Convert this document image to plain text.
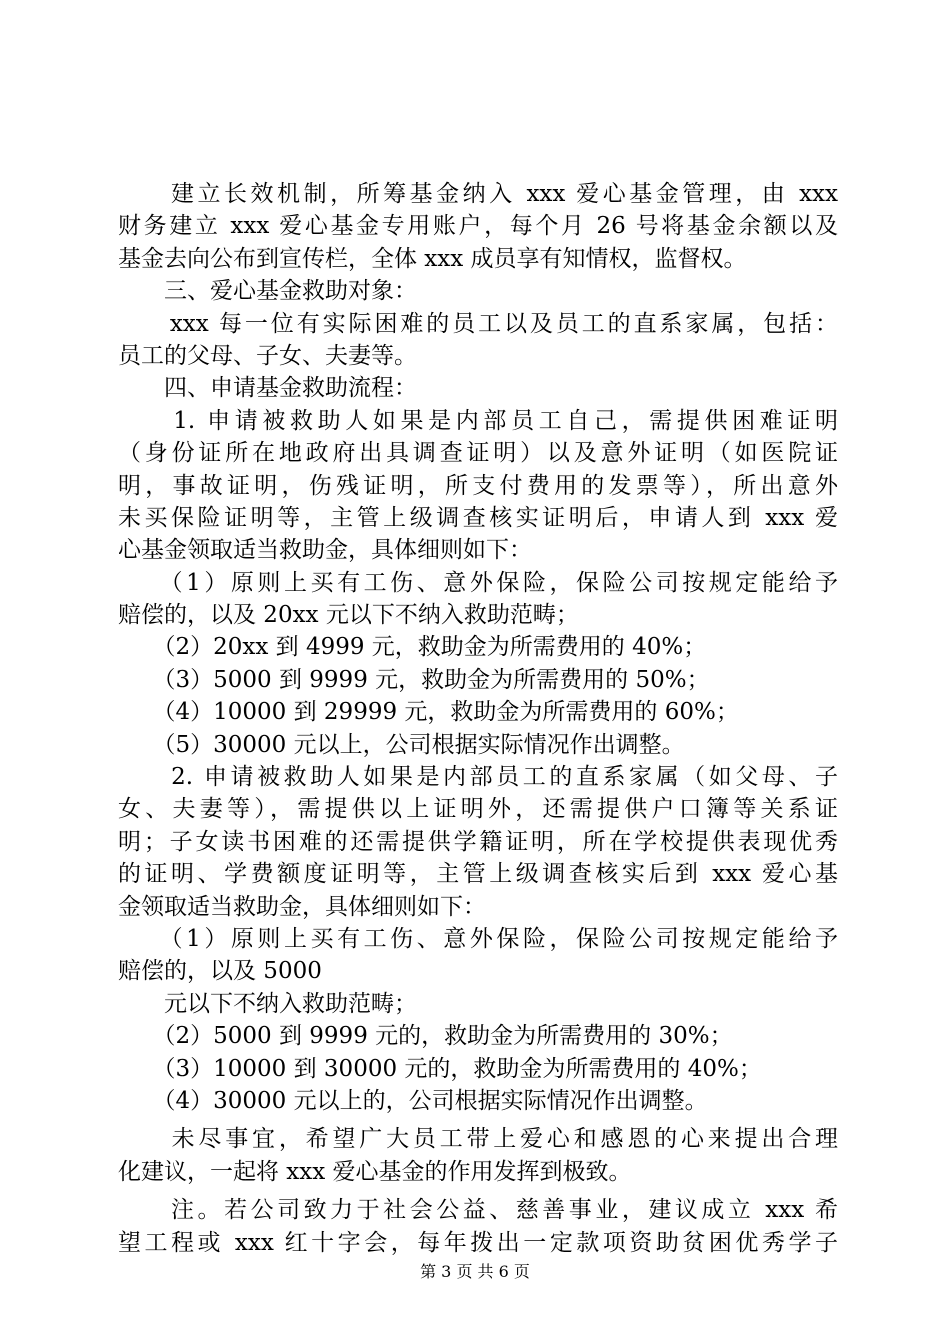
　　建立长效机制，所筹基金纳入 xxx 爱心基金管理，由 xxx
财务建立 xxx 爱心基金专用账户，每个月 26 号将基金余额以及
基金去向公布到宣传栏，全体 xxx 成员享有知情权，监督权。
　　三、爱心基金救助对象：
　　xxx 每一位有实际困难的员工以及员工的直系家属，包括：
员工的父母、子女、夫妻等。
　　四、申请基金救助流程：
　　1. 申请被救助人如果是内部员工自己，需提供困难证明
（身份证所在地政府出具调查证明）以及意外证明（如医院证
明，事故证明，伤残证明，所支付费用的发票等），所出意外
未买保险证明等，主管上级调查核实证明后，申请人到 xxx 爱
心基金领取适当救助金，具体细则如下：
　　（1）原则上买有工伤、意外保险，保险公司按规定能给予
赔偿的，以及 20xx 元以下不纳入救助范畴；
　　（2）20xx 到 4999 元，救助金为所需费用的 40%；
　　（3）5000 到 9999 元，救助金为所需费用的 50%；
　　（4）10000 到 29999 元，救助金为所需费用的 60%；
　　（5）30000 元以上，公司根据实际情况作出调整。
　　2. 申请被救助人如果是内部员工的直系家属（如父母、子
女、夫妻等），需提供以上证明外，还需提供户口簿等关系证
明；子女读书困难的还需提供学籍证明，所在学校提供表现优秀
的证明、学费额度证明等，主管上级调查核实后到 xxx 爱心基
金领取适当救助金，具体细则如下：
　　（1）原则上买有工伤、意外保险，保险公司按规定能给予
赔偿的，以及 5000
　　元以下不纳入救助范畴；
　　（2）5000 到 9999 元的，救助金为所需费用的 30%；
　　（3）10000 到 30000 元的，救助金为所需费用的 40%；
　　（4）30000 元以上的，公司根据实际情况作出调整。
　　未尽事宜，希望广大员工带上爱心和感恩的心来提出合理
化建议，一起将 xxx 爱心基金的作用发挥到极致。
　　注。若公司致力于社会公益、慈善事业，建议成立 xxx 希
望工程或 xxx 红十字会，每年拨出一定款项资助贫困优秀学子
第 3 页 共 6 页
